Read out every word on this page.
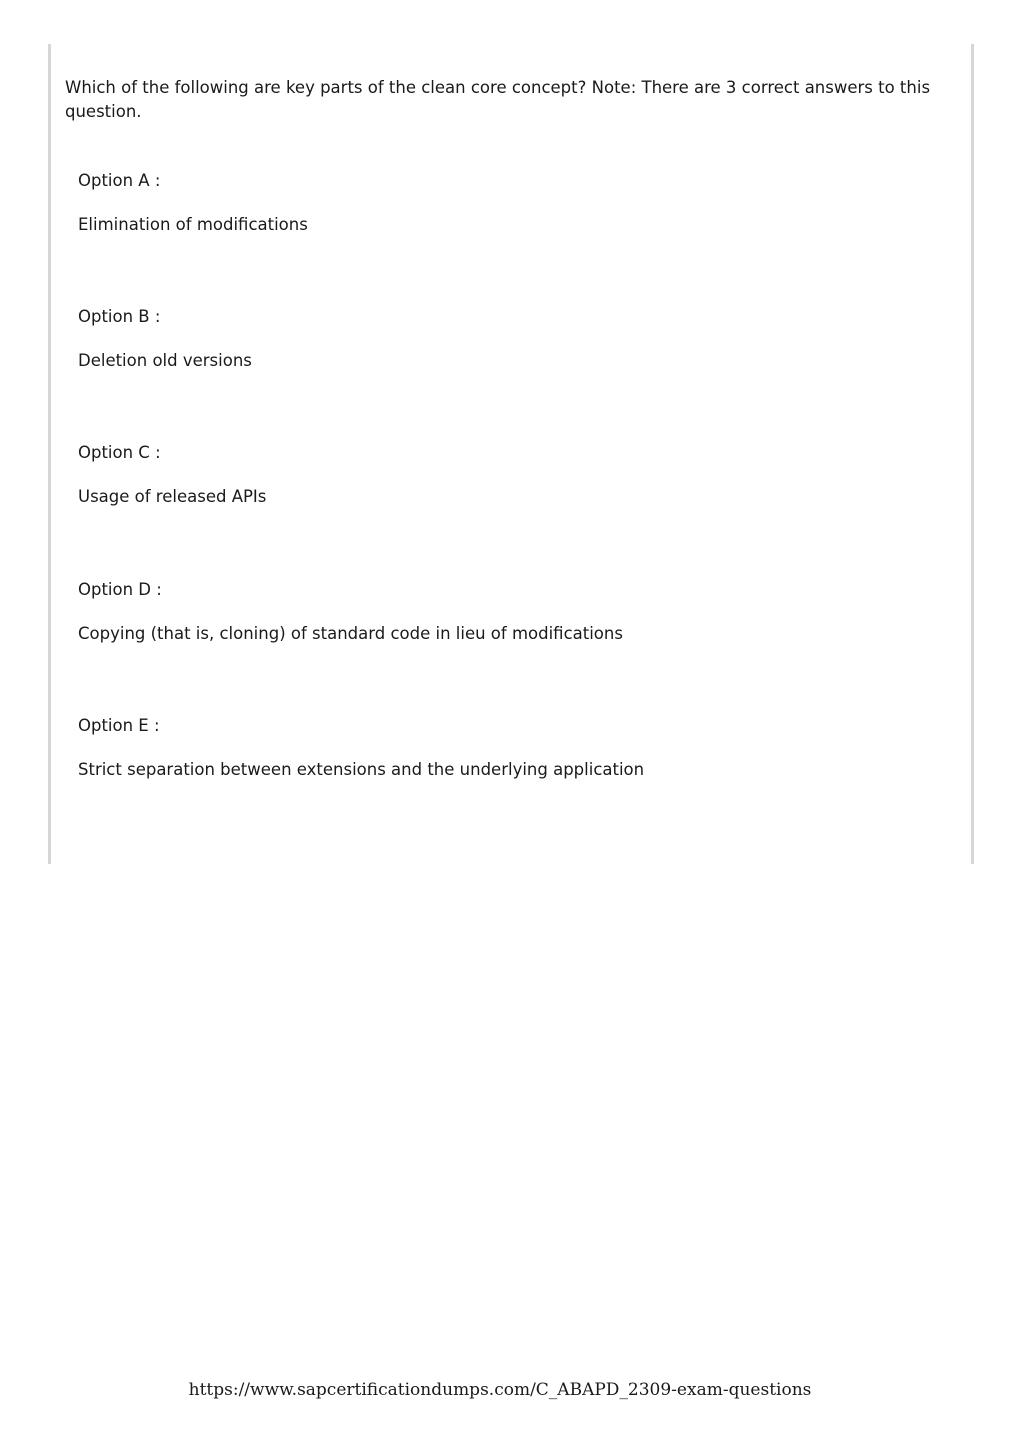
Which of the following are key parts of the clean core concept? Note: There are 3 correct answers to this question.

Option A :

Elimination of modifications

Option B :

Deletion old versions

Option C :

Usage of released APIs

Option D :

Copying (that is, cloning) of standard code in lieu of modifications

Option E :

Strict separation between extensions and the underlying application

https://www.sapcertificationdumps.com/C_ABAPD_2309-exam-questions
